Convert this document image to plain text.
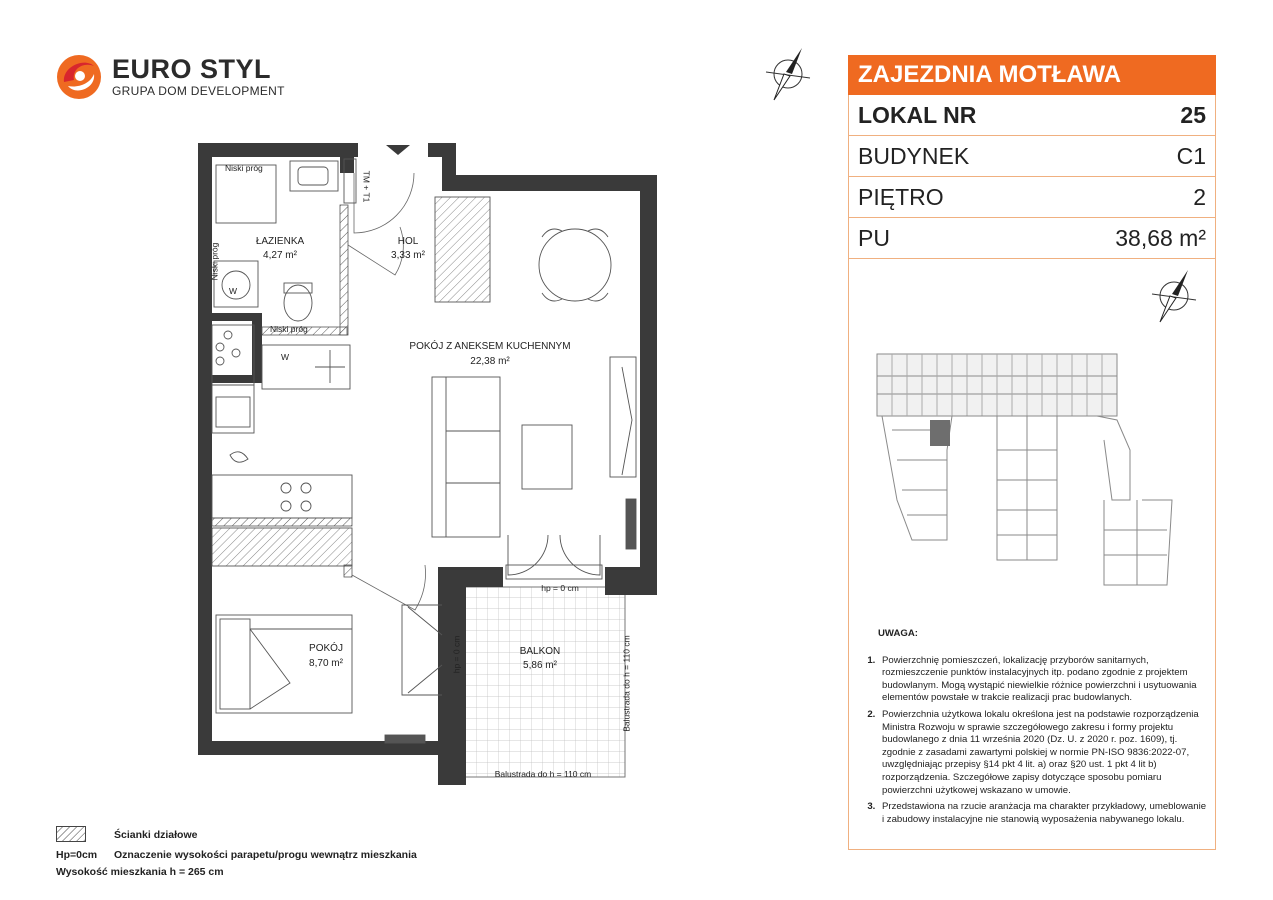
EURO STYL
GRUPA DOM DEVELOPMENT
ZAJEZDNIA MOTŁAWA
LOKAL NR	25
BUDYNEK	C1
PIĘTRO	2
PU	38,68 m²
UWAGA:
1. Powierzchnię pomieszczeń, lokalizację przyborów sanitarnych, rozmieszczenie punktów instalacyjnych itp. podano zgodnie z projektem budowlanym. Mogą wystąpić niewielkie różnice powierzchni i usytuowania elementów powstałe w trakcie realizacji prac budowlanych.
2. Powierzchnia użytkowa lokalu określona jest na podstawie rozporządzenia Ministra Rozwoju w sprawie szczegółowego zakresu i formy projektu budowlanego z dnia 11 września 2020 (Dz. U. z 2020 r. poz. 1609), tj. zgodnie z zasadami zawartymi polskiej w normie PN-ISO 9836:2022-07, uwzględniając przepisy §14 pkt 4 lit. a) oraz §20 ust. 1 pkt 4 lit b) rozporządzenia. Szczegółowe zapisy dotyczące sposobu pomiaru powierzchni użytkowej wskazano w umowie.
3. Przedstawiona na rzucie aranżacja ma charakter przykładowy, umeblowanie i zabudowy instalacyjne nie stanowią wyposażenia nabywanego lokalu.
Niski próg
TM + T1
Niski próg
Niski próg
W
W
ŁAZIENKA
4,27 m²
HOL
3,33 m²
POKÓJ Z ANEKSEM KUCHENNYM
22,38 m²
POKÓJ
8,70 m²
BALKON
5,86 m²
hp = 0 cm
hp = 0 cm
Balustrada do h = 110 cm
Balustrada do h = 110 cm
Ścianki działowe
Hp=0cm Oznaczenie wysokości parapetu/progu wewnątrz mieszkania
Wysokość mieszkania h = 265 cm
